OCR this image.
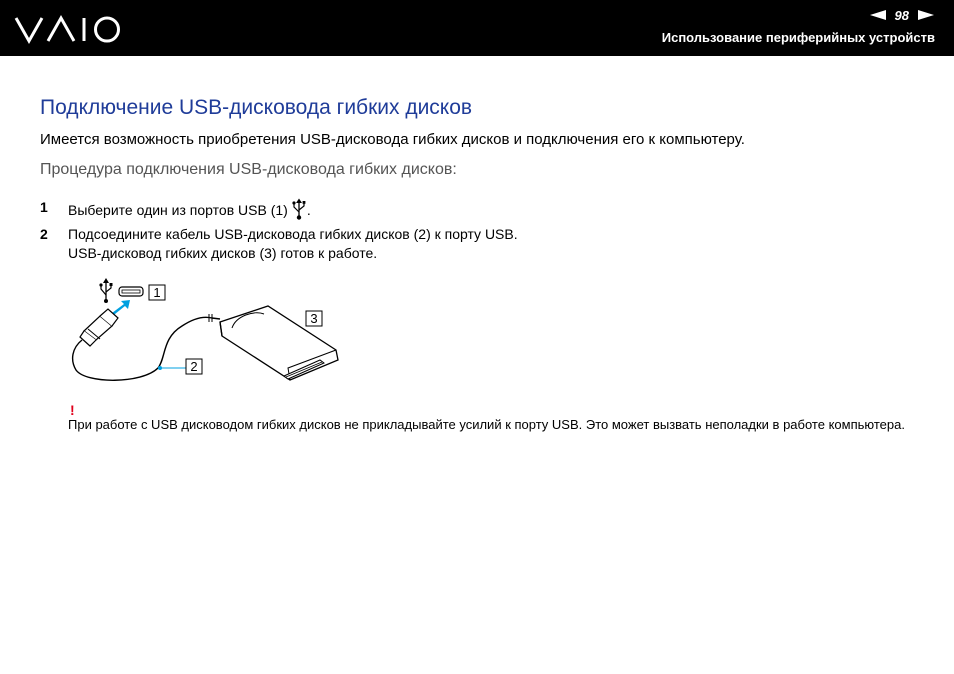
98
Использование периферийных устройств
Подключение USB-дисковода гибких дисков

Имеется возможность приобретения USB-дисковода гибких дисков и подключения его к компьютеру.

Процедура подключения USB-дисковода гибких дисков:
1 Выберите один из портов USB (1) .
2 Подсоедините кабель USB-дисковода гибких дисков (2) к порту USB.
USB-дисковод гибких дисков (3) готов к работе.
1
2
3
!

При работе с USB дисководом гибких дисков не прикладывайте усилий к порту USB. Это может вызвать неполадки в работе компьютера.
